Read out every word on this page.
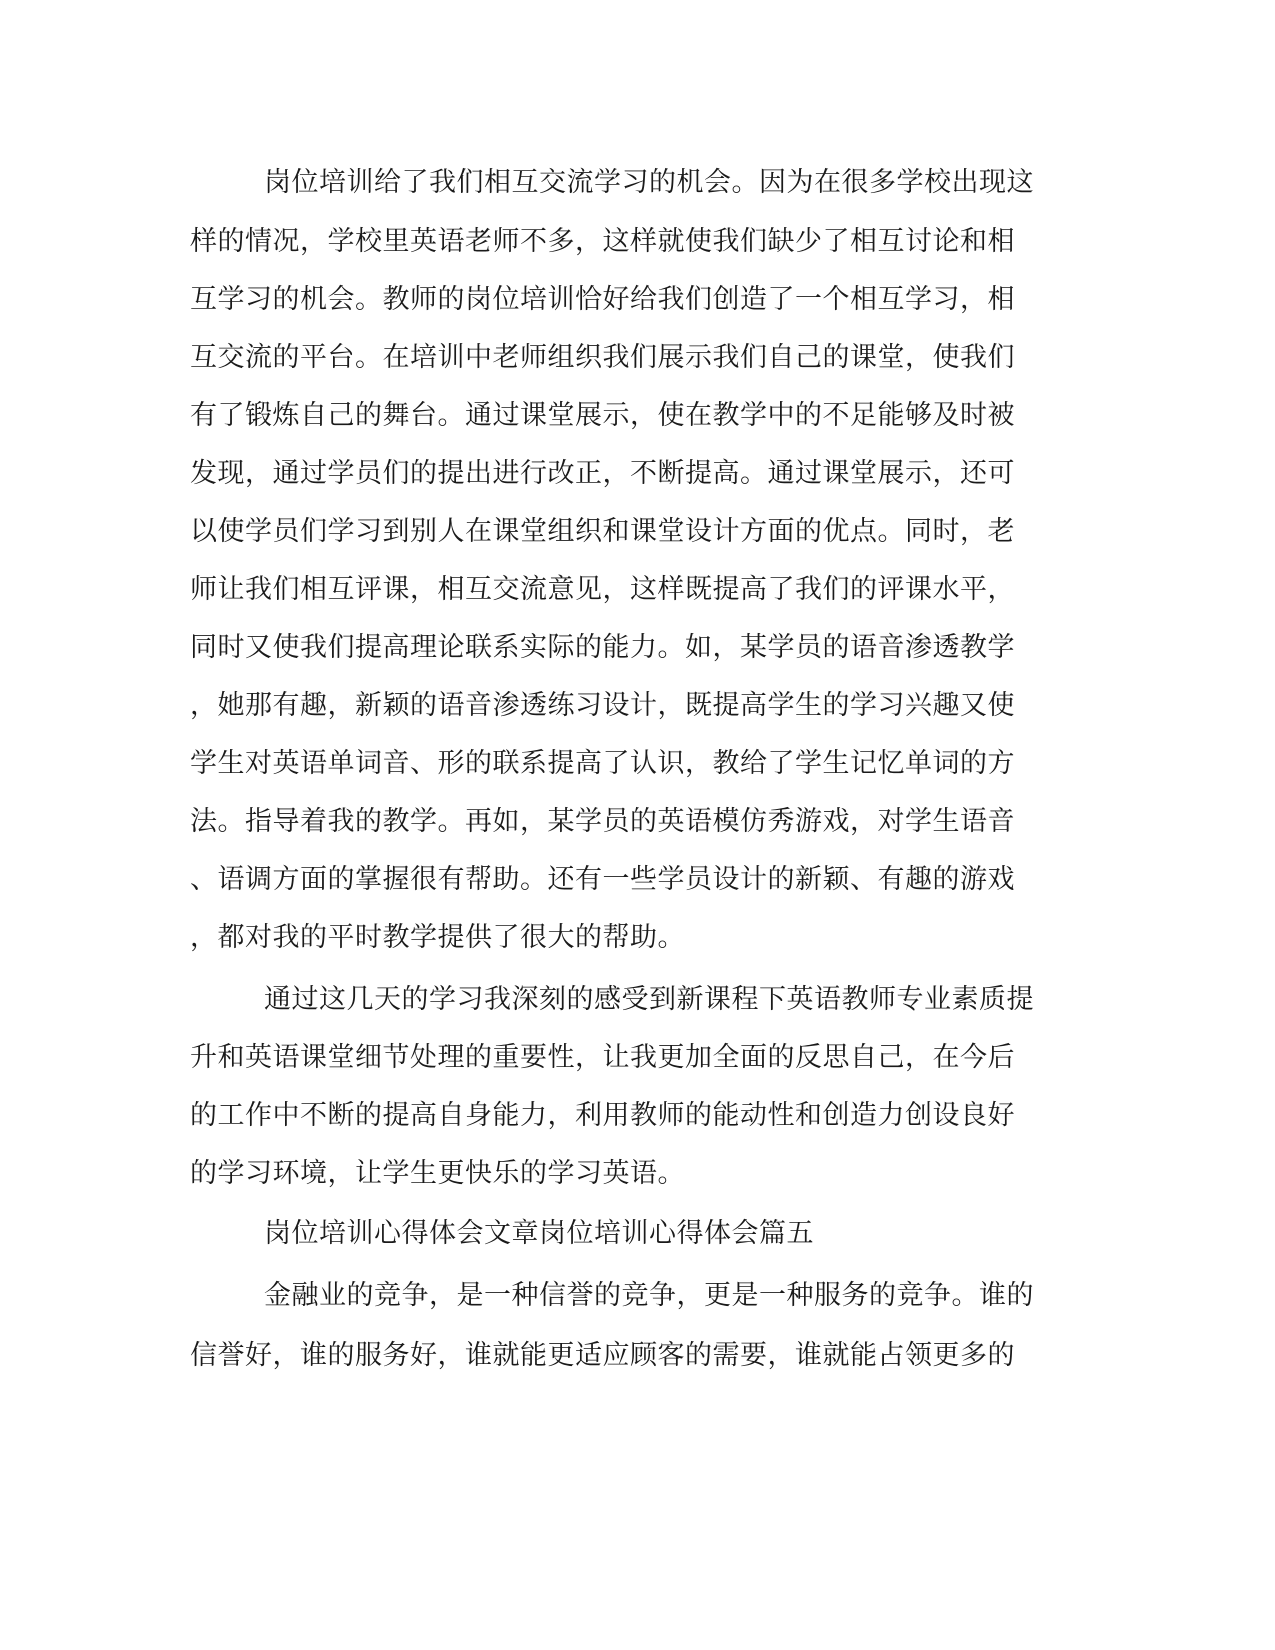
岗位培训给了我们相互交流学习的机会。因为在很多学校出现这
样的情况，学校里英语老师不多，这样就使我们缺少了相互讨论和相
互学习的机会。教师的岗位培训恰好给我们创造了一个相互学习，相
互交流的平台。在培训中老师组织我们展示我们自己的课堂，使我们
有了锻炼自己的舞台。通过课堂展示，使在教学中的不足能够及时被
发现，通过学员们的提出进行改正，不断提高。通过课堂展示，还可
以使学员们学习到别人在课堂组织和课堂设计方面的优点。同时，老
师让我们相互评课，相互交流意见，这样既提高了我们的评课水平，
同时又使我们提高理论联系实际的能力。如，某学员的语音渗透教学
，她那有趣，新颖的语音渗透练习设计，既提高学生的学习兴趣又使
学生对英语单词音、形的联系提高了认识，教给了学生记忆单词的方
法。指导着我的教学。再如，某学员的英语模仿秀游戏，对学生语音
、语调方面的掌握很有帮助。还有一些学员设计的新颖、有趣的游戏
，都对我的平时教学提供了很大的帮助。
通过这几天的学习我深刻的感受到新课程下英语教师专业素质提
升和英语课堂细节处理的重要性，让我更加全面的反思自己，在今后
的工作中不断的提高自身能力，利用教师的能动性和创造力创设良好
的学习环境，让学生更快乐的学习英语。
岗位培训心得体会文章岗位培训心得体会篇五
金融业的竞争，是一种信誉的竞争，更是一种服务的竞争。谁的
信誉好，谁的服务好，谁就能更适应顾客的需要，谁就能占领更多的
